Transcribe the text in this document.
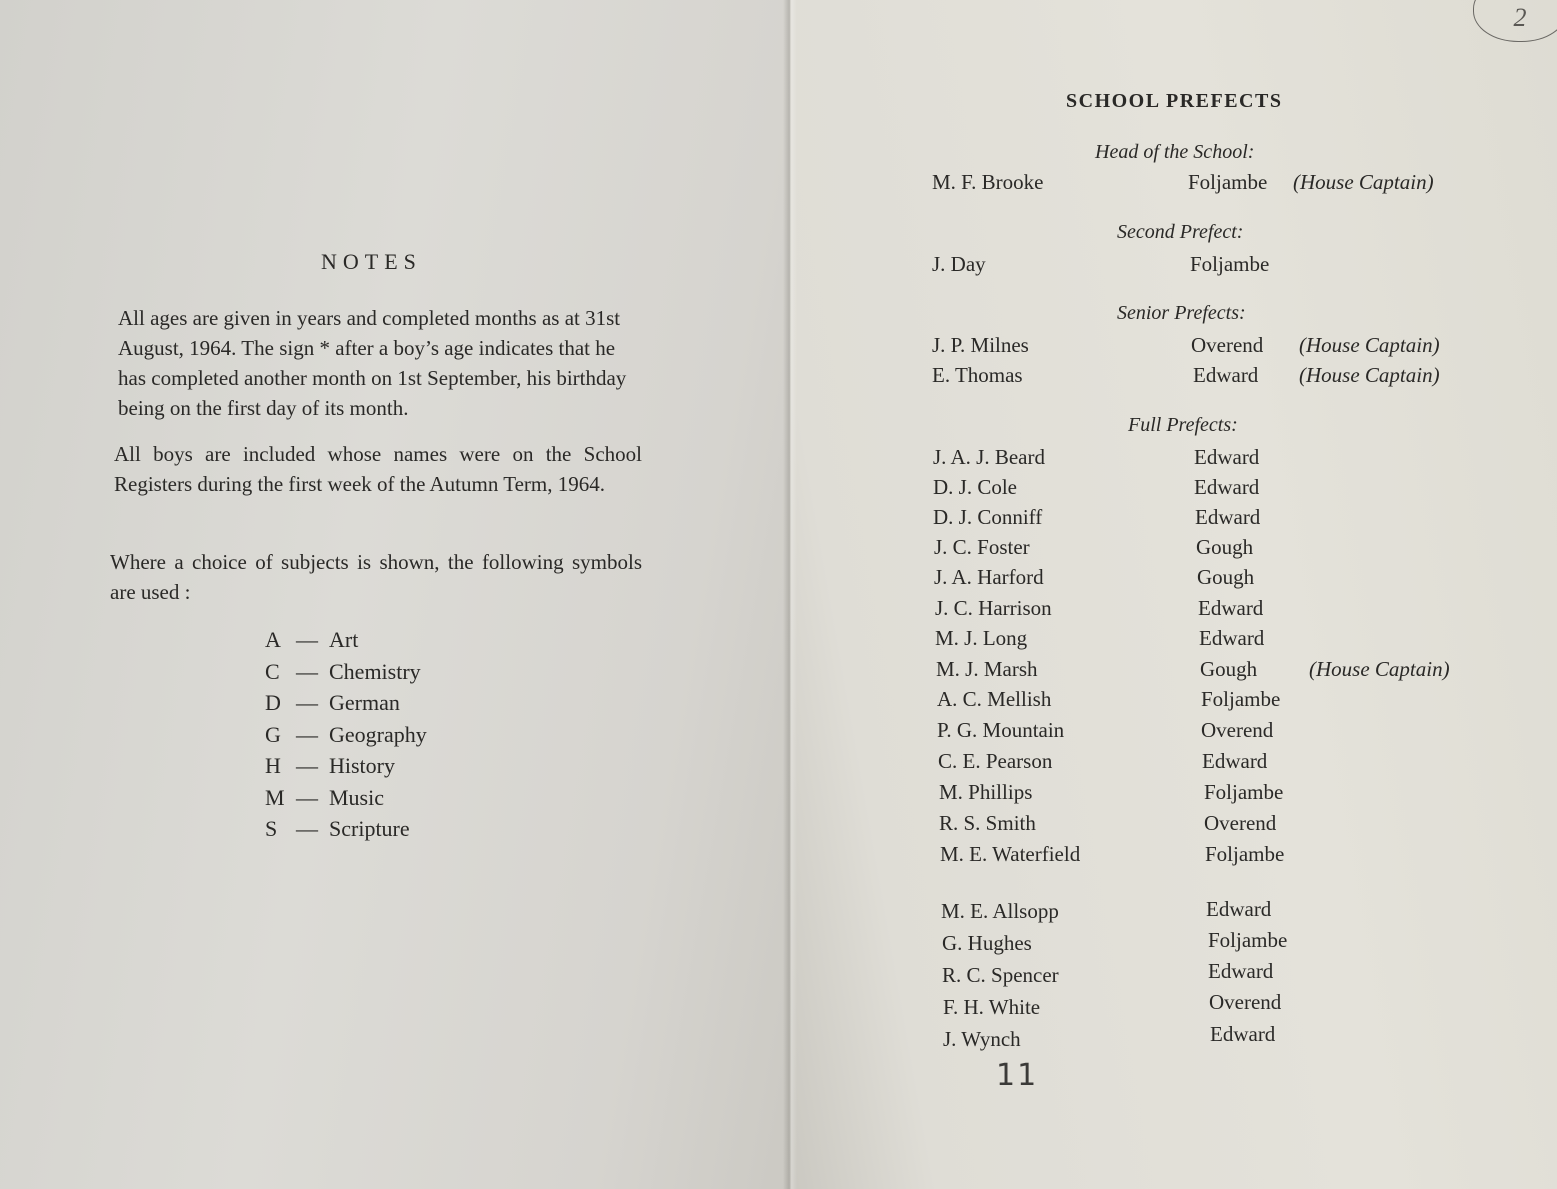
2
NOTES

All ages are given in years and completed months as at 31st August, 1964. The sign * after a boy’s age indicates that he has completed another month on 1st September, his birthday being on the first day of its month.

All boys are included whose names were on the School Registers during the first week of the Autumn Term, 1964.

Where a choice of subjects is shown, the following symbols are used :

A — Art
C — Chemistry
D — German
G — Geography
H — History
M — Music
S — Scripture
SCHOOL PREFECTS
Head of the School:
M. F. Brooke	Foljambe (House Captain)
Second Prefect:
J. Day	Foljambe
Senior Prefects:
J. P. Milnes	Overend (House Captain)
E. Thomas	Edward (House Captain)
Full Prefects:
J. A. J. Beard	Edward
D. J. Cole	Edward
D. J. Conniff	Edward
J. C. Foster	Gough
J. A. Harford	Gough
J. C. Harrison	Edward
M. J. Long	Edward
M. J. Marsh	Gough (House Captain)
A. C. Mellish	Foljambe
P. G. Mountain	Overend
C. E. Pearson	Edward
M. Phillips	Foljambe
R. S. Smith	Overend
M. E. Waterfield	Foljambe
M. E. Allsopp	Edward
G. Hughes	Foljambe
R. C. Spencer	Edward
F. H. White	Overend
J. Wynch	Edward
11
